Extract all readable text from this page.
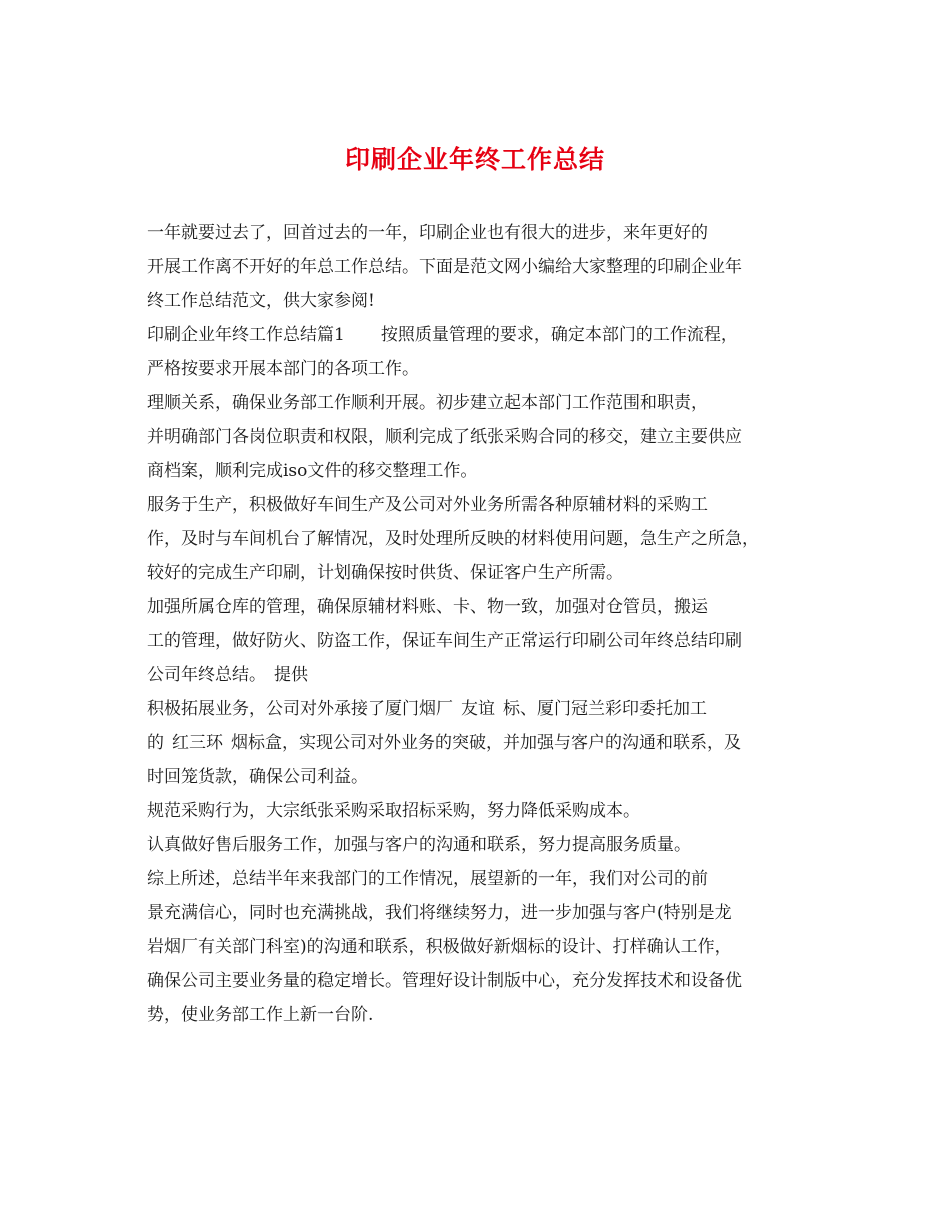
印刷企业年终工作总结

一年就要过去了，回首过去的一年，印刷企业也有很大的进步，来年更好的

开展工作离不开好的年总工作总结。下面是范文网小编给大家整理的印刷企业年

终工作总结范文，供大家参阅!

印刷企业年终工作总结篇1 按照质量管理的要求，确定本部门的工作流程，

严格按要求开展本部门的各项工作。

理顺关系，确保业务部工作顺利开展。初步建立起本部门工作范围和职责，

并明确部门各岗位职责和权限，顺利完成了纸张采购合同的移交，建立主要供应

商档案，顺利完成iso文件的移交整理工作。

服务于生产，积极做好车间生产及公司对外业务所需各种原辅材料的采购工

作，及时与车间机台了解情况，及时处理所反映的材料使用问题，急生产之所急，

较好的完成生产印刷，计划确保按时供货、保证客户生产所需。

加强所属仓库的管理，确保原辅材料账、卡、物一致，加强对仓管员，搬运

工的管理，做好防火、防盗工作，保证车间生产正常运行印刷公司年终总结印刷

公司年终总结。 提供

积极拓展业务，公司对外承接了厦门烟厂 友谊 标、厦门冠兰彩印委托加工

的 红三环 烟标盒，实现公司对外业务的突破，并加强与客户的沟通和联系，及

时回笼货款，确保公司利益。

规范采购行为，大宗纸张采购采取招标采购，努力降低采购成本。

认真做好售后服务工作，加强与客户的沟通和联系，努力提高服务质量。

综上所述，总结半年来我部门的工作情况，展望新的一年，我们对公司的前

景充满信心，同时也充满挑战，我们将继续努力，进一步加强与客户(特别是龙

岩烟厂有关部门科室)的沟通和联系，积极做好新烟标的设计、打样确认工作，

确保公司主要业务量的稳定增长。管理好设计制版中心，充分发挥技术和设备优

势，使业务部工作上新一台阶.
